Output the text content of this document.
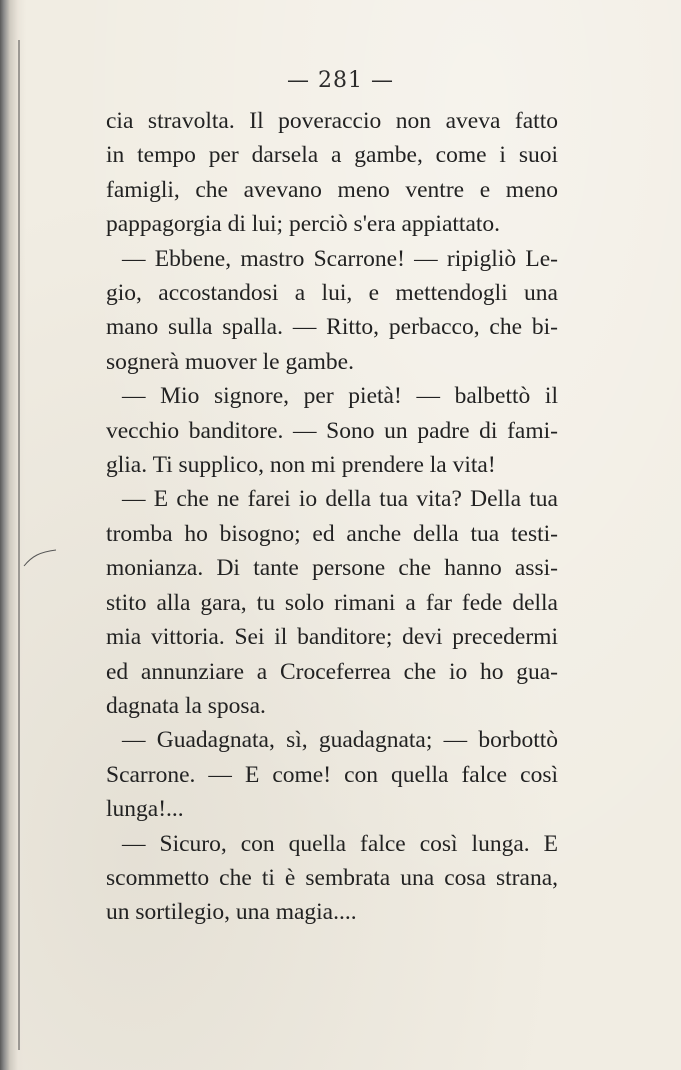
— 281 —
cia stravolta. Il poveraccio non aveva fatto
in tempo per darsela a gambe, come i suoi
famigli, che avevano meno ventre e meno
pappagorgia di lui; perciò s'era appiattato.
— Ebbene, mastro Scarrone! — ripigliò Le-
gio, accostandosi a lui, e mettendogli una
mano sulla spalla. — Ritto, perbacco, che bi-
sognerà muover le gambe.
— Mio signore, per pietà! — balbettò il
vecchio banditore. — Sono un padre di fami-
glia. Ti supplico, non mi prendere la vita!
— E che ne farei io della tua vita? Della tua
tromba ho bisogno; ed anche della tua testi-
monianza. Di tante persone che hanno assi-
stito alla gara, tu solo rimani a far fede della
mia vittoria. Sei il banditore; devi precedermi
ed annunziare a Croceferrea che io ho gua-
dagnata la sposa.
— Guadagnata, sì, guadagnata; — borbottò
Scarrone. — E come! con quella falce così
lunga!...
— Sicuro, con quella falce così lunga. E
scommetto che ti è sembrata una cosa strana,
un sortilegio, una magia....
